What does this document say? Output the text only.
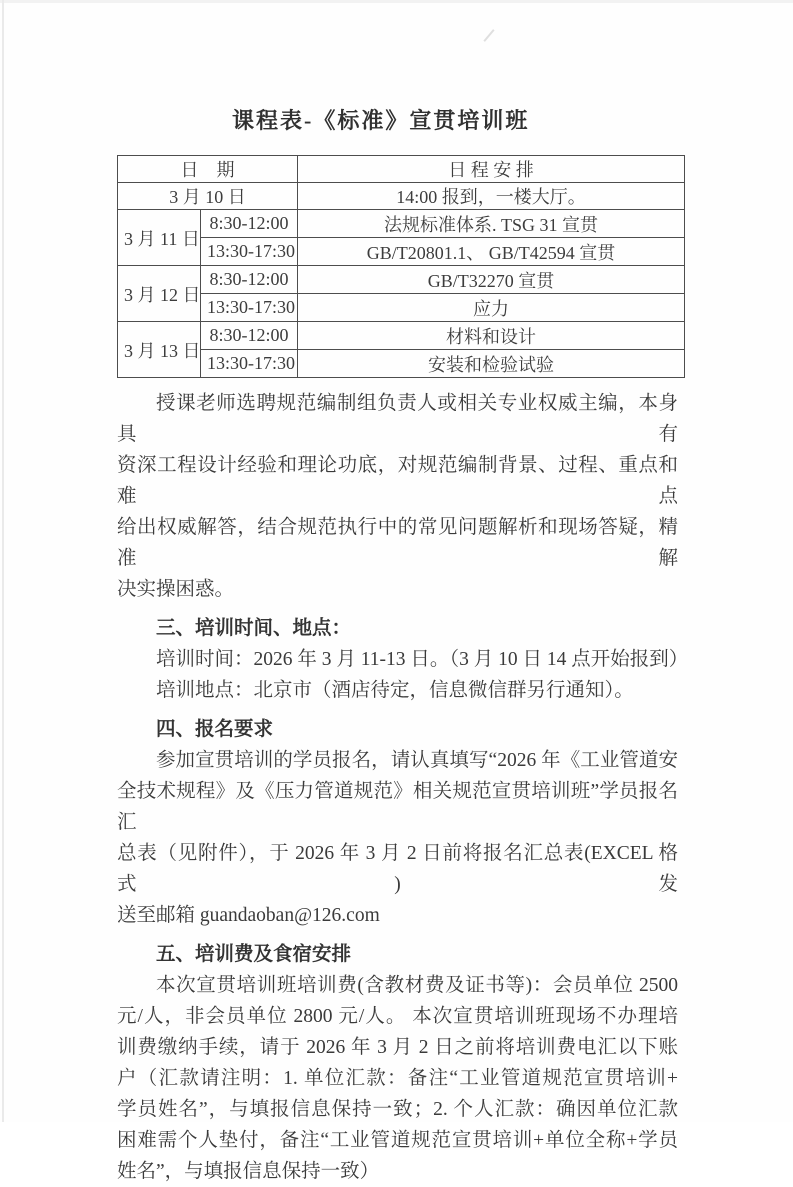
课程表-《标准》宣贯培训班
日　期		日 程 安 排
3 月 10 日		14:00 报到，一楼大厅。
3 月 11 日	8:30-12:00	法规标准体系. TSG 31 宣贯
	13:30-17:30	GB/T20801.1、 GB/T42594 宣贯
3 月 12 日	8:30-12:00	GB/T32270 宣贯
	13:30-17:30	应力
3 月 13 日	8:30-12:00	材料和设计
	13:30-17:30	安装和检验试验
授课老师选聘规范编制组负责人或相关专业权威主编，本身具有
资深工程设计经验和理论功底，对规范编制背景、过程、重点和难点
给出权威解答，结合规范执行中的常见问题解析和现场答疑，精准解
决实操困惑。
三、培训时间、地点：
培训时间：2026 年 3 月 11-13 日。（3 月 10 日 14 点开始报到）
培训地点：北京市（酒店待定，信息微信群另行通知）。
四、报名要求
参加宣贯培训的学员报名，请认真填写“2026 年《工业管道安
全技术规程》及《压力管道规范》相关规范宣贯培训班”学员报名汇
总表（见附件），于 2026 年 3 月 2 日前将报名汇总表(EXCEL 格式)发
送至邮箱 guandaoban@126.com
五、培训费及食宿安排
本次宣贯培训班培训费(含教材费及证书等)：会员单位 2500
元/人，非会员单位 2800 元/人。 本次宣贯培训班现场不办理培
训费缴纳手续，请于 2026 年 3 月 2 日之前将培训费电汇以下账
户（汇款请注明：1. 单位汇款：备注“工业管道规范宣贯培训+
学员姓名”，与填报信息保持一致；2. 个人汇款：确因单位汇款
困难需个人垫付，备注“工业管道规范宣贯培训+单位全称+学员
姓名”，与填报信息保持一致）
